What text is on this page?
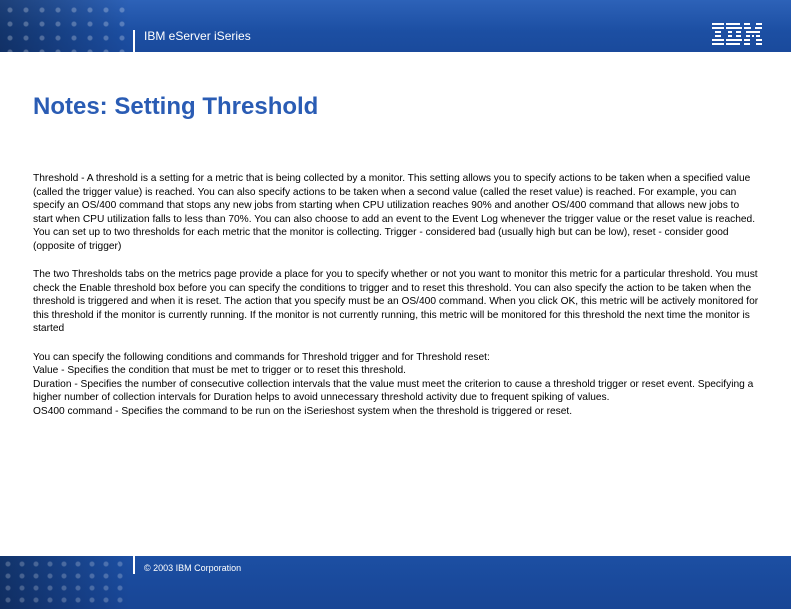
IBM eServer iSeries
Notes: Setting Threshold

Threshold - A threshold is a setting for a metric that is being collected by a monitor. This setting allows you to specify actions to be taken when a specified value (called the trigger value) is reached. You can also specify actions to be taken when a second value (called the reset value) is reached. For example, you can specify an OS/400 command that stops any new jobs from starting when CPU utilization reaches 90% and another OS/400 command that allows new jobs to start when CPU utilization falls to less than 70%. You can also choose to add an event to the Event Log whenever the trigger value or the reset value is reached. You can set up to two thresholds for each metric that the monitor is collecting. Trigger - considered bad (usually high but can be low), reset - consider good (opposite of trigger)

The two Thresholds tabs on the metrics page provide a place for you to specify whether or not you want to monitor this metric for a particular threshold. You must check the Enable threshold box before you can specify the conditions to trigger and to reset this threshold. You can also specify the action to be taken when the threshold is triggered and when it is reset. The action that you specify must be an OS/400 command. When you click OK, this metric will be actively monitored for this threshold if the monitor is currently running. If the monitor is not currently running, this metric will be monitored for this threshold the next time the monitor is started

You can specify the following conditions and commands for Threshold trigger and for Threshold reset:
Value - Specifies the condition that must be met to trigger or to reset this threshold.
Duration - Specifies the number of consecutive collection intervals that the value must meet the criterion to cause a threshold trigger or reset event. Specifying a higher number of collection intervals for Duration helps to avoid unnecessary threshold activity due to frequent spiking of values.
OS400 command - Specifies the command to be run on the iSerieshost system when the threshold is triggered or reset.
© 2003 IBM Corporation
